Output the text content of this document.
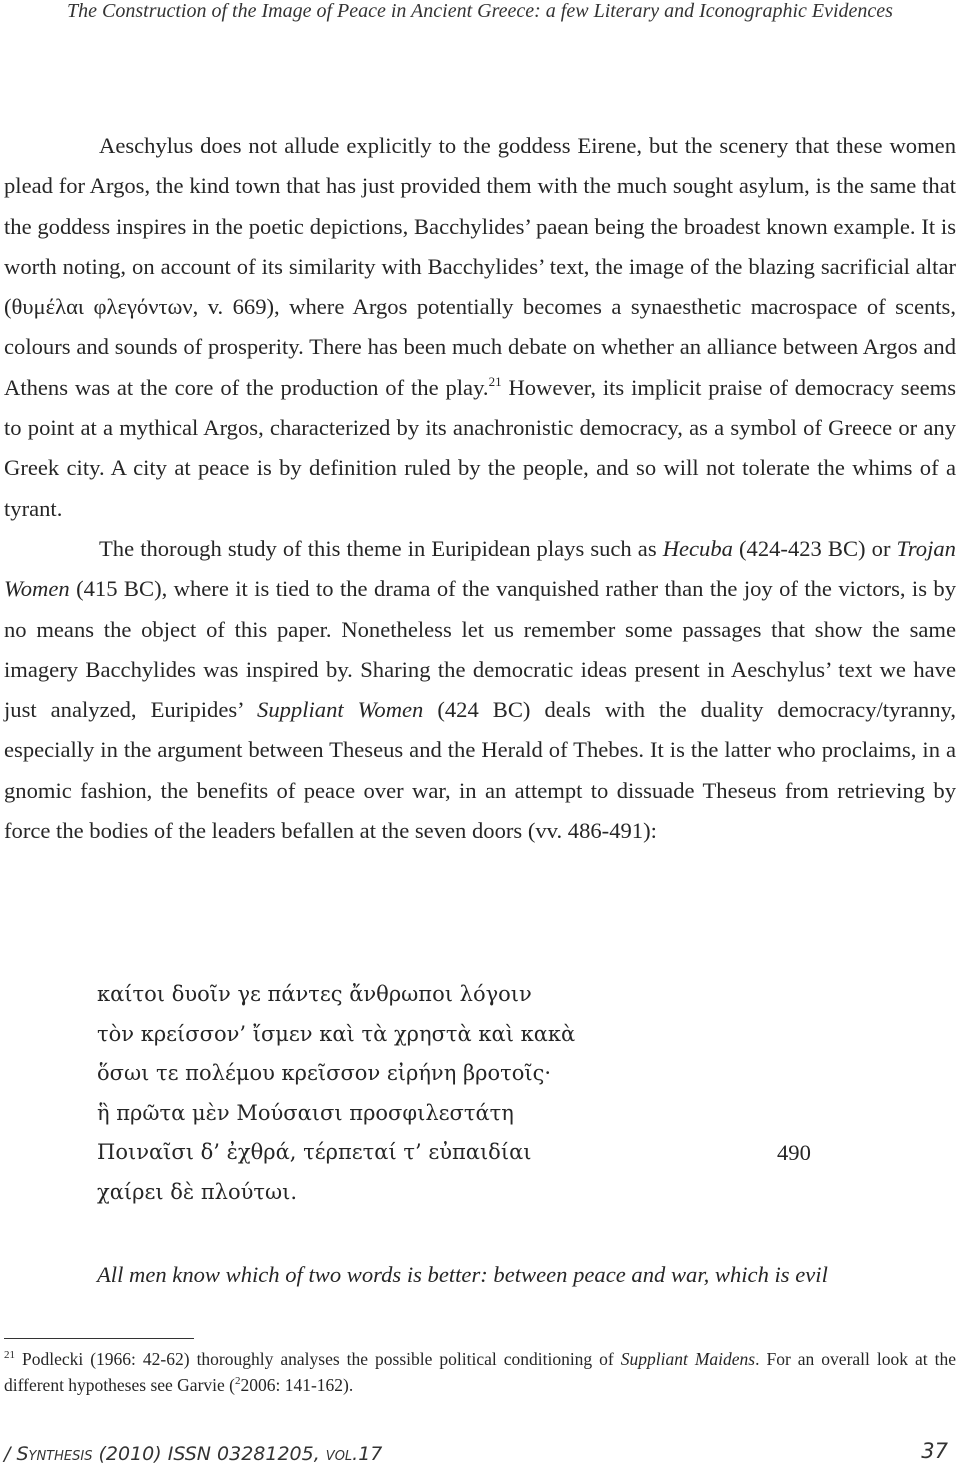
The Construction of the Image of Peace in Ancient Greece: a few Literary and Iconographic Evidences

Aeschylus does not allude explicitly to the goddess Eirene, but the scenery that these women plead for Argos, the kind town that has just provided them with the much sought asylum, is the same that the goddess inspires in the poetic depictions, Bacchylides’ paean being the broadest known example. It is worth noting, on account of its similarity with Bacchylides’ text, the image of the blazing sacrificial altar (θυμέλαι φλεγόντων, v. 669), where Argos potentially becomes a synaesthetic macrospace of scents, colours and sounds of prosperity. There has been much debate on whether an alliance between Argos and Athens was at the core of the production of the play.$^{21}$ However, its implicit praise of democracy seems to point at a mythical Argos, characterized by its anachronistic democracy, as a symbol of Greece or any Greek city. A city at peace is by definition ruled by the people, and so will not tolerate the whims of a tyrant.

The thorough study of this theme in Euripidean plays such as Hecuba (424-423 BC) or Trojan Women (415 BC), where it is tied to the drama of the vanquished rather than the joy of the victors, is by no means the object of this paper. Nonetheless let us remember some passages that show the same imagery Bacchylides was inspired by. Sharing the democratic ideas present in Aeschylus’ text we have just analyzed, Euripides’ Suppliant Women (424 BC) deals with the duality democracy/tyranny, especially in the argument between Theseus and the Herald of Thebes. It is the latter who proclaims, in a gnomic fashion, the benefits of peace over war, in an attempt to dissuade Theseus from retrieving by force the bodies of the leaders befallen at the seven doors (vv. 486-491):

καίτοι δυοῖν γε πάντες ἄνθρωποι λόγοιν
τὸν κρείσσον’ ἴσμεν καὶ τὰ χρηστὰ καὶ κακὰ
ὅσωι τε πολέμου κρεῖσσον εἰρήνη βροτοῖς·
ἣ πρῶτα μὲν Μούσαισι προσφιλεστάτη
Ποιναῖσι δ’ ἐχθρά, τέρπεταί τ’ εὐπαιδίαι	490
χαίρει δὲ πλούτωι.
All men know which of two words is better: between peace and war, which is evil
$^{21}$ Podlecki (1966: 42-62) thoroughly analyses the possible political conditioning of Suppliant Maidens. For an overall look at the different hypotheses see Garvie ($^2$2006: 141-162).
/ Synthesis (2010) ISSN 03281205, vol.17	37
